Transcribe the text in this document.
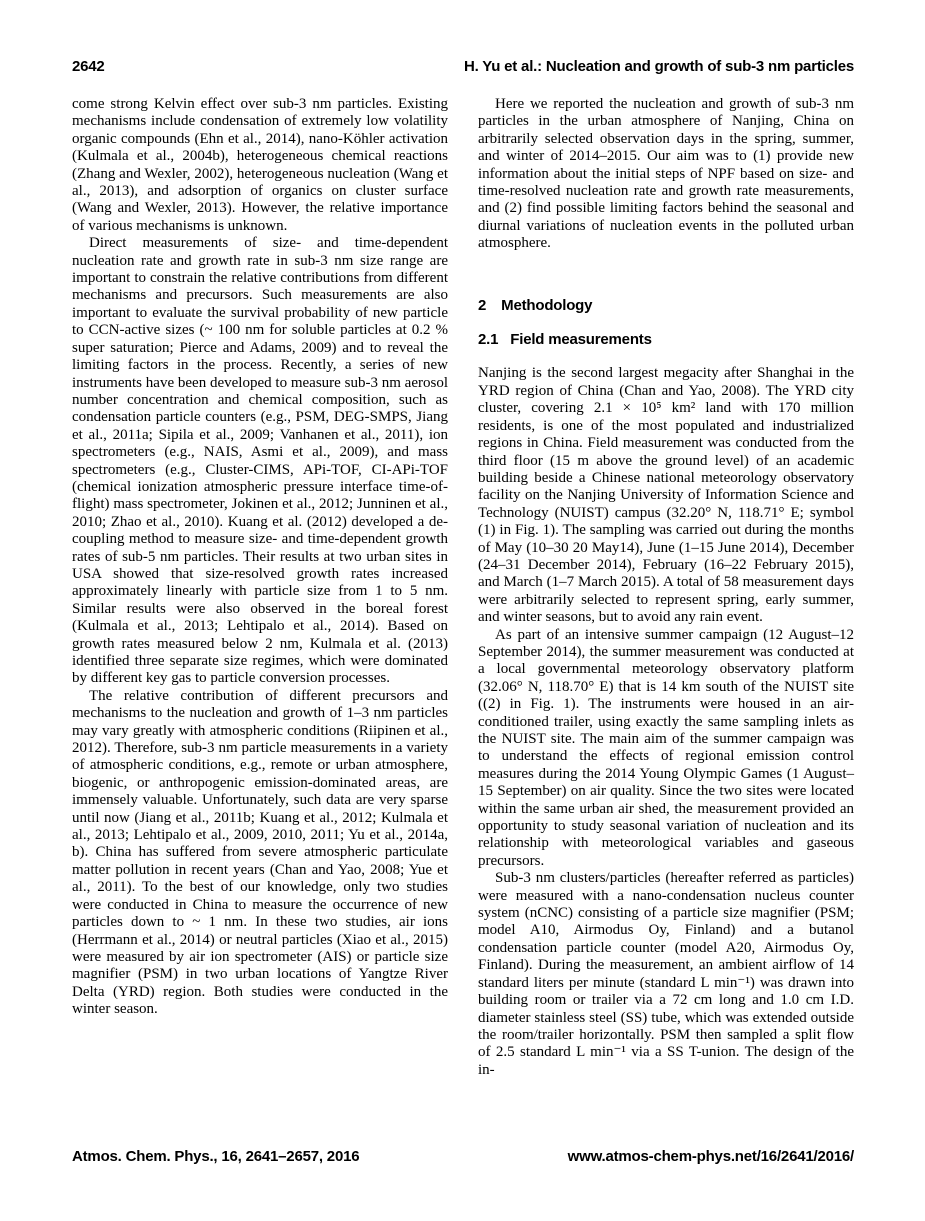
2642	H. Yu et al.: Nucleation and growth of sub-3 nm particles

come strong Kelvin effect over sub-3 nm particles. Existing mechanisms include condensation of extremely low volatility organic compounds (Ehn et al., 2014), nano-Köhler activation (Kulmala et al., 2004b), heterogeneous chemical reactions (Zhang and Wexler, 2002), heterogeneous nucleation (Wang et al., 2013), and adsorption of organics on cluster surface (Wang and Wexler, 2013). However, the relative importance of various mechanisms is unknown.

Direct measurements of size- and time-dependent nucleation rate and growth rate in sub-3 nm size range are important to constrain the relative contributions from different mechanisms and precursors. Such measurements are also important to evaluate the survival probability of new particle to CCN-active sizes (~ 100 nm for soluble particles at 0.2 % super saturation; Pierce and Adams, 2009) and to reveal the limiting factors in the process. Recently, a series of new instruments have been developed to measure sub-3 nm aerosol number concentration and chemical composition, such as condensation particle counters (e.g., PSM, DEG-SMPS, Jiang et al., 2011a; Sipila et al., 2009; Vanhanen et al., 2011), ion spectrometers (e.g., NAIS, Asmi et al., 2009), and mass spectrometers (e.g., Cluster-CIMS, APi-TOF, CI-APi-TOF (chemical ionization atmospheric pressure interface time-of-flight) mass spectrometer, Jokinen et al., 2012; Junninen et al., 2010; Zhao et al., 2010). Kuang et al. (2012) developed a de-coupling method to measure size- and time-dependent growth rates of sub-5 nm particles. Their results at two urban sites in USA showed that size-resolved growth rates increased approximately linearly with particle size from 1 to 5 nm. Similar results were also observed in the boreal forest (Kulmala et al., 2013; Lehtipalo et al., 2014). Based on growth rates measured below 2 nm, Kulmala et al. (2013) identified three separate size regimes, which were dominated by different key gas to particle conversion processes.

The relative contribution of different precursors and mechanisms to the nucleation and growth of 1–3 nm particles may vary greatly with atmospheric conditions (Riipinen et al., 2012). Therefore, sub-3 nm particle measurements in a variety of atmospheric conditions, e.g., remote or urban atmosphere, biogenic, or anthropogenic emission-dominated areas, are immensely valuable. Unfortunately, such data are very sparse until now (Jiang et al., 2011b; Kuang et al., 2012; Kulmala et al., 2013; Lehtipalo et al., 2009, 2010, 2011; Yu et al., 2014a, b). China has suffered from severe atmospheric particulate matter pollution in recent years (Chan and Yao, 2008; Yue et al., 2011). To the best of our knowledge, only two studies were conducted in China to measure the occurrence of new particles down to ~ 1 nm. In these two studies, air ions (Herrmann et al., 2014) or neutral particles (Xiao et al., 2015) were measured by air ion spectrometer (AIS) or particle size magnifier (PSM) in two urban locations of Yangtze River Delta (YRD) region. Both studies were conducted in the winter season.

Here we reported the nucleation and growth of sub-3 nm particles in the urban atmosphere of Nanjing, China on arbitrarily selected observation days in the spring, summer, and winter of 2014–2015. Our aim was to (1) provide new information about the initial steps of NPF based on size- and time-resolved nucleation rate and growth rate measurements, and (2) find possible limiting factors behind the seasonal and diurnal variations of nucleation events in the polluted urban atmosphere.

2 Methodology
2.1 Field measurements

Nanjing is the second largest megacity after Shanghai in the YRD region of China (Chan and Yao, 2008). The YRD city cluster, covering 2.1 × 10⁵ km² land with 170 million residents, is one of the most populated and industrialized regions in China. Field measurement was conducted from the third floor (15 m above the ground level) of an academic building beside a Chinese national meteorology observatory facility on the Nanjing University of Information Science and Technology (NUIST) campus (32.20° N, 118.71° E; symbol (1) in Fig. 1). The sampling was carried out during the months of May (10–30 20 May14), June (1–15 June 2014), December (24–31 December 2014), February (16–22 February 2015), and March (1–7 March 2015). A total of 58 measurement days were arbitrarily selected to represent spring, early summer, and winter seasons, but to avoid any rain event.

As part of an intensive summer campaign (12 August–12 September 2014), the summer measurement was conducted at a local governmental meteorology observatory platform (32.06° N, 118.70° E) that is 14 km south of the NUIST site ((2) in Fig. 1). The instruments were housed in an air-conditioned trailer, using exactly the same sampling inlets as the NUIST site. The main aim of the summer campaign was to understand the effects of regional emission control measures during the 2014 Young Olympic Games (1 August–15 September) on air quality. Since the two sites were located within the same urban air shed, the measurement provided an opportunity to study seasonal variation of nucleation and its relationship with meteorological variables and gaseous precursors.

Sub-3 nm clusters/particles (hereafter referred as particles) were measured with a nano-condensation nucleus counter system (nCNC) consisting of a particle size magnifier (PSM; model A10, Airmodus Oy, Finland) and a butanol condensation particle counter (model A20, Airmodus Oy, Finland). During the measurement, an ambient airflow of 14 standard liters per minute (standard L min⁻¹) was drawn into building room or trailer via a 72 cm long and 1.0 cm I.D. diameter stainless steel (SS) tube, which was extended outside the room/trailer horizontally. PSM then sampled a split flow of 2.5 standard L min⁻¹ via a SS T-union. The design of the in-

Atmos. Chem. Phys., 16, 2641–2657, 2016	www.atmos-chem-phys.net/16/2641/2016/
